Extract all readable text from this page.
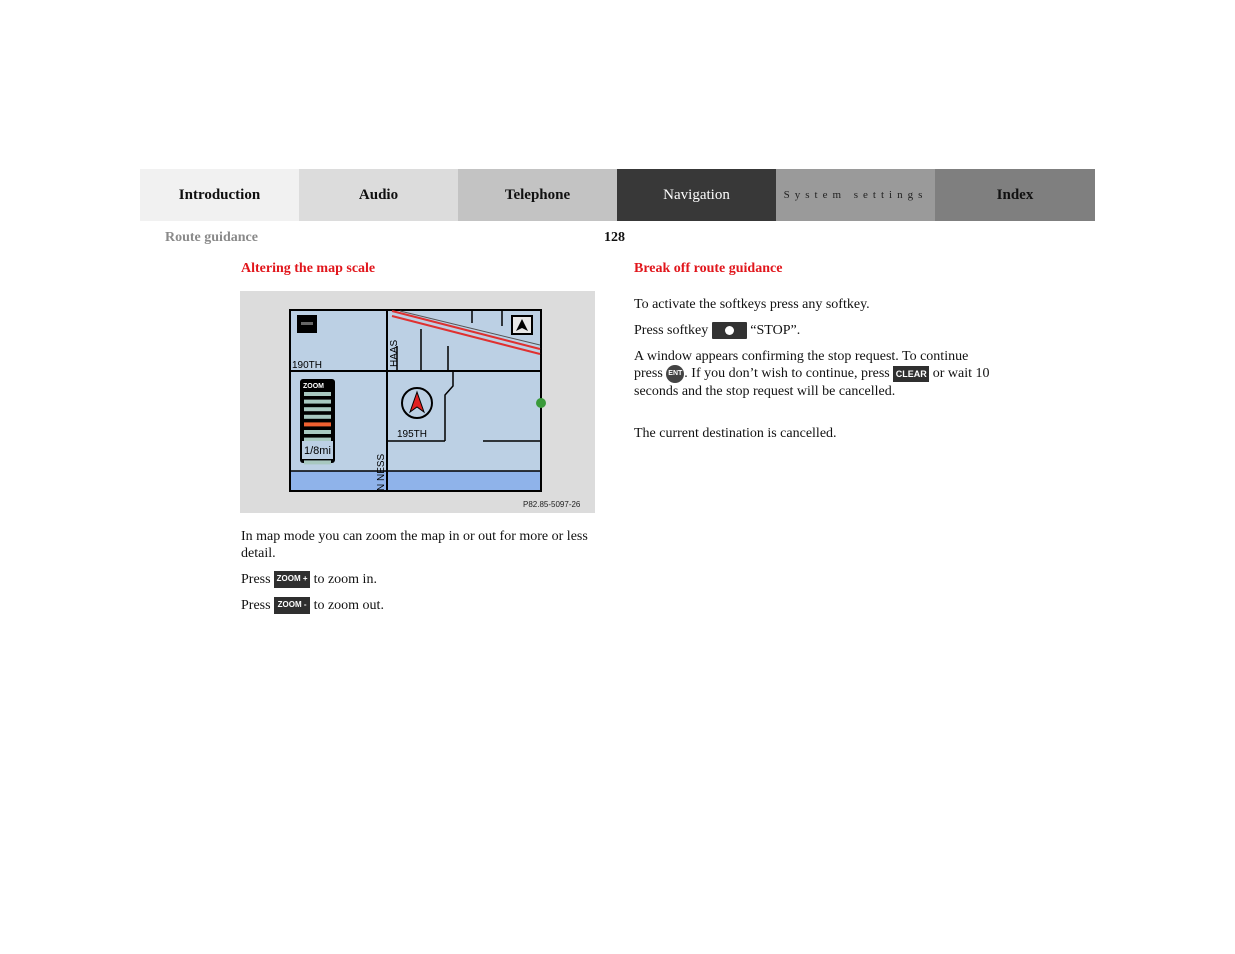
Introduction	Audio	Telephone	Navigation	System settings	Index
Route guidance	128
Altering the map scale
ZOOM
1/8mi
190TH
195TH
HAAS
N NESS
P82.85-5097-26
In map mode you can zoom the map in or out for more or less detail.
Press ZOOM + to zoom in.
Press ZOOM - to zoom out.
Break off route guidance
To activate the softkeys press any softkey.
Press softkey	“STOP”.
A window appears confirming the stop request. To continue press ENT . If you don’t wish to continue, press CLEAR or wait 10 seconds and the stop request will be cancelled.
The current destination is cancelled.
